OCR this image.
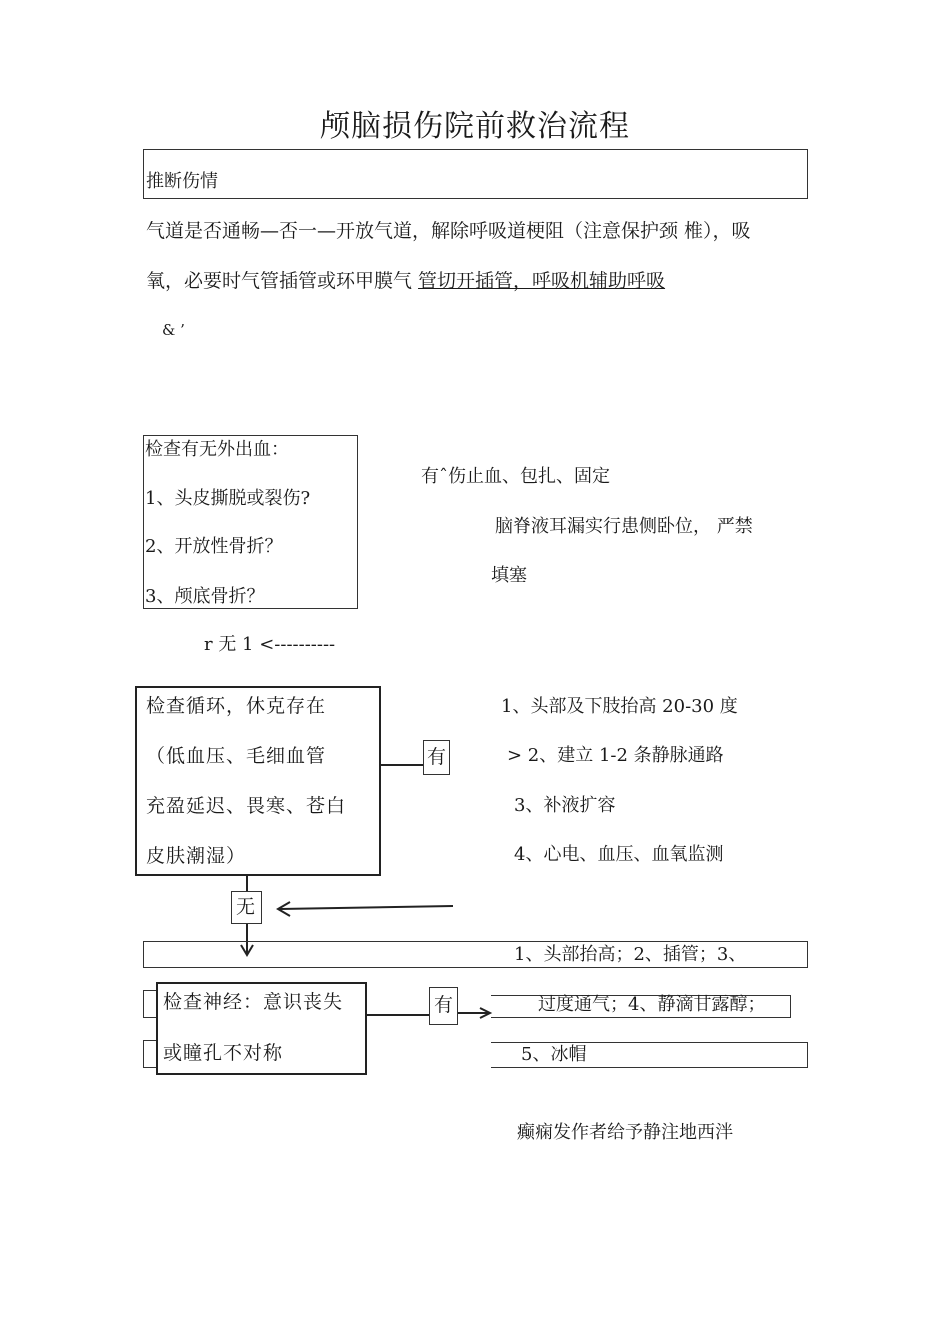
颅脑损伤院前救治流程
推断伤情
气道是否通畅—否一—开放气道，解除呼吸道梗阻（注意保护颈 椎），吸
氧，必要时气管插管或环甲膜气 管切开插管，呼吸机辅助呼吸
& ’
检查有无外出血：
1、头皮撕脱或裂伤?
2、开放性骨折？
3、颅底骨折？
有ˆ伤止血、包扎、固定
脑脊液耳漏实行患侧卧位， 严禁
填塞
r 无 1 <----------
检查循环，休克存在
（低血压、毛细血管
充盈延迟、畏寒、苍白
皮肤潮湿）
有
1、头部及下肢抬高 20-30 度
> 2、建立 1-2 条静脉通路
3、补液扩容
4、心电、血压、血氧监测
无
1、头部抬高；2、插管；3、
检查神经：意识丧失
或瞳孔不对称
有	过度通气；4、静滴甘露醇；
5、冰帽
癫痫发作者给予静注地西泮
